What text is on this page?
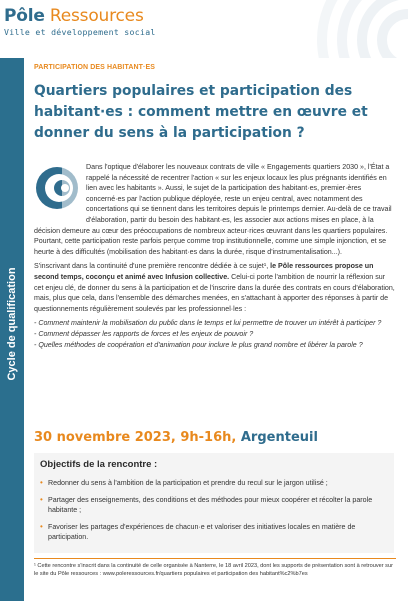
Pôle Ressources
Ville et développement social
Cycle de qualification
PARTICIPATION DES HABITANT·ES
Quartiers populaires et participation des habitant·es : comment mettre en œuvre et donner du sens à la participation ?

Dans l'optique d'élaborer les nouveaux contrats de ville « Engagements quartiers 2030 », l'État a rappelé la nécessité de recentrer l'action « sur les enjeux locaux les plus prégnants identifiés en lien avec les habitants ». Aussi, le sujet de la participation des habitant·es, premier·ères concerné·es par l'action publique déployée, reste un enjeu central, avec notamment des concertations qui se tiennent dans les territoires depuis le printemps dernier. Au-delà de ce travail d'élaboration, partir du besoin des habitant·es, les associer aux actions mises en place, à la décision demeure au cœur des préoccupations de nombreux acteur·rices œuvrant dans les quartiers populaires. Pourtant, cette participation reste parfois perçue comme trop institutionnelle, comme une simple injonction, et se heurte à des difficultés (mobilisation des habitant·es dans la durée, risque d'instrumentalisation...).

S'inscrivant dans la continuité d'une première rencontre dédiée à ce sujet¹, le Pôle ressources propose un second temps, coconçu et animé avec Infusion collective. Celui-ci porte l'ambition de nourrir la réflexion sur cet enjeu clé, de donner du sens à la participation et de l'inscrire dans la durée des contrats en cours d'élaboration, mais, plus que cela, dans l'ensemble des démarches menées, en s'attachant à apporter des réponses à partir de questionnements régulièrement soulevés par les professionnel·les :

- Comment maintenir la mobilisation du public dans le temps et lui permettre de trouver un intérêt à participer ?
- Comment dépasser les rapports de forces et les enjeux de pouvoir ?
- Quelles méthodes de coopération et d'animation pour inclure le plus grand nombre et libérer la parole ?
30 novembre 2023, 9h-16h, Argenteuil
Objectifs de la rencontre :
• Redonner du sens à l'ambition de la participation et prendre du recul sur le jargon utilisé ;
• Partager des enseignements, des conditions et des méthodes pour mieux coopérer et récolter la parole habitante ;
• Favoriser les partages d'expériences de chacun·e et valoriser des initiatives locales en matière de participation.
¹ Cette rencontre s'inscrit dans la continuité de celle organisée à Nanterre, le 18 avril 2023, dont les supports de présentation sont à retrouver sur le site du Pôle ressources : www.poleressources.fr/quartiers populaires et participation des habitant%c2%b7es
